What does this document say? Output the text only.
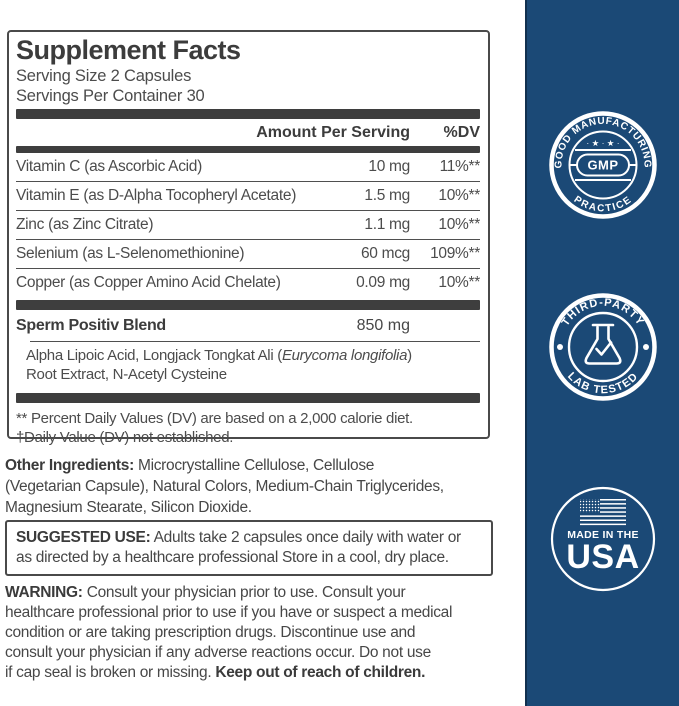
Supplement Facts
Serving Size 2 Capsules
Servings Per Container 30
Amount Per Serving	%DV
Vitamin C (as Ascorbic Acid)	10 mg	11%**
Vitamin E (as D-Alpha Tocopheryl Acetate)	1.5 mg	10%**
Zinc (as Zinc Citrate)	1.1 mg	10%**
Selenium (as L-Selenomethionine)	60 mcg	109%**
Copper (as Copper Amino Acid Chelate)	0.09 mg	10%**
Sperm Positiv Blend	850 mg
Alpha Lipoic Acid, Longjack Tongkat Ali (Eurycoma longifolia)
Root Extract, N-Acetyl Cysteine
** Percent Daily Values (DV) are based on a 2,000 calorie diet.
†Daily Value (DV) not established.
Other Ingredients: Microcrystalline Cellulose, Cellulose
(Vegetarian Capsule), Natural Colors, Medium-Chain Triglycerides,
Magnesium Stearate, Silicon Dioxide.
SUGGESTED USE: Adults take 2 capsules once daily with water or
as directed by a healthcare professional Store in a cool, dry place.
WARNING: Consult your physician prior to use. Consult your
healthcare professional prior to use if you have or suspect a medical
condition or are taking prescription drugs. Discontinue use and
consult your physician if any adverse reactions occur. Do not use
if cap seal is broken or missing. Keep out of reach of children.
GOOD MANUFACTURING
PRACTICE
· ★ · ★ ·
GMP
THIRD-PARTY
LAB TESTED
MADE IN THE
USA
